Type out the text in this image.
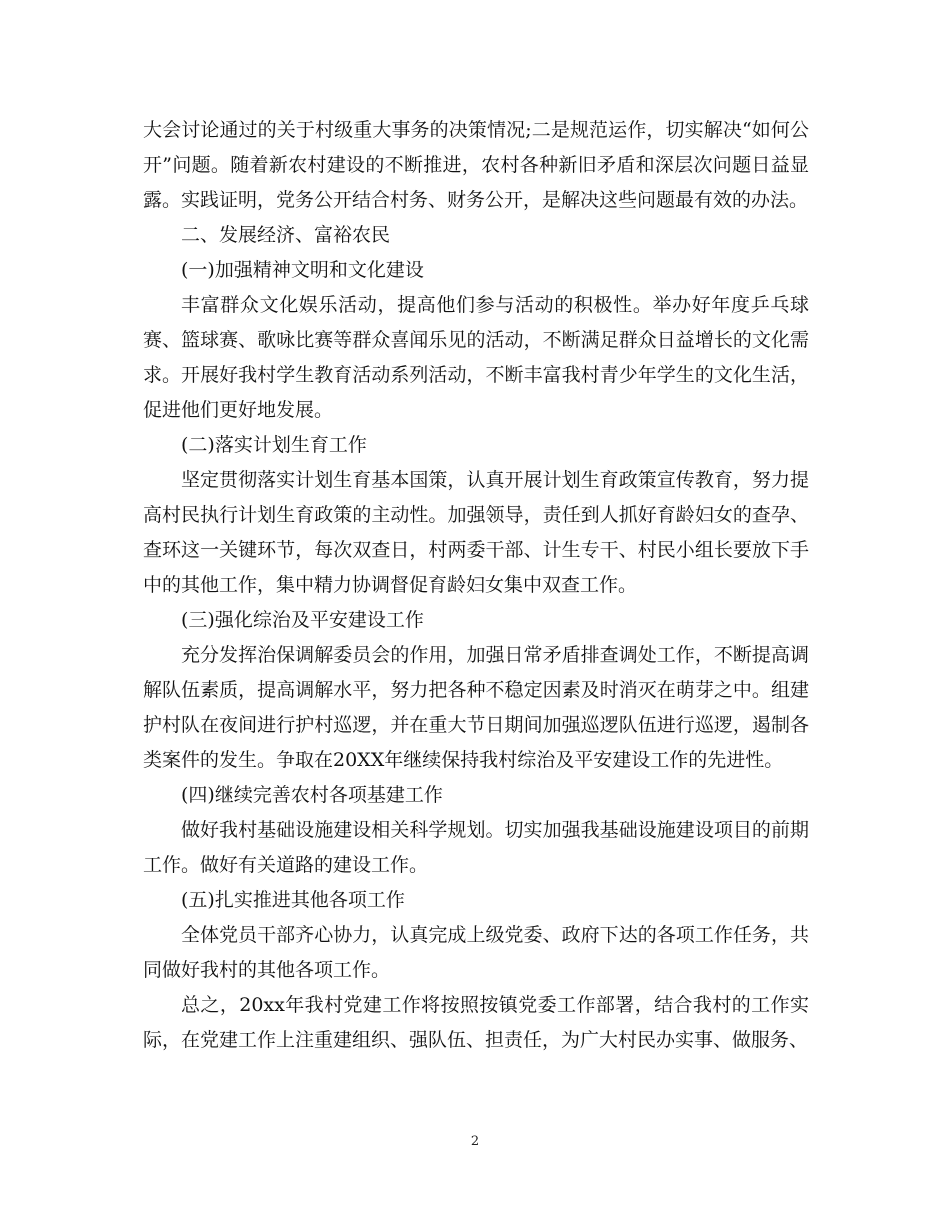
大会讨论通过的关于村级重大事务的决策情况;二是规范运作，切实解决“如何公开”问题。随着新农村建设的不断推进，农村各种新旧矛盾和深层次问题日益显露。实践证明，党务公开结合村务、财务公开，是解决这些问题最有效的办法。

二、发展经济、富裕农民

(一)加强精神文明和文化建设

丰富群众文化娱乐活动，提高他们参与活动的积极性。举办好年度乒乓球赛、篮球赛、歌咏比赛等群众喜闻乐见的活动，不断满足群众日益增长的文化需求。开展好我村学生教育活动系列活动，不断丰富我村青少年学生的文化生活，促进他们更好地发展。

(二)落实计划生育工作

坚定贯彻落实计划生育基本国策，认真开展计划生育政策宣传教育，努力提高村民执行计划生育政策的主动性。加强领导，责任到人抓好育龄妇女的查孕、查环这一关键环节，每次双查日，村两委干部、计生专干、村民小组长要放下手中的其他工作，集中精力协调督促育龄妇女集中双查工作。

(三)强化综治及平安建设工作

充分发挥治保调解委员会的作用，加强日常矛盾排查调处工作，不断提高调解队伍素质，提高调解水平，努力把各种不稳定因素及时消灭在萌芽之中。组建护村队在夜间进行护村巡逻，并在重大节日期间加强巡逻队伍进行巡逻，遏制各类案件的发生。争取在20XX年继续保持我村综治及平安建设工作的先进性。

(四)继续完善农村各项基建工作

做好我村基础设施建设相关科学规划。切实加强我基础设施建设项目的前期工作。做好有关道路的建设工作。

(五)扎实推进其他各项工作

全体党员干部齐心协力，认真完成上级党委、政府下达的各项工作任务，共同做好我村的其他各项工作。

总之，20xx年我村党建工作将按照按镇党委工作部署，结合我村的工作实际，在党建工作上注重建组织、强队伍、担责任，为广大村民办实事、做服务、

2
